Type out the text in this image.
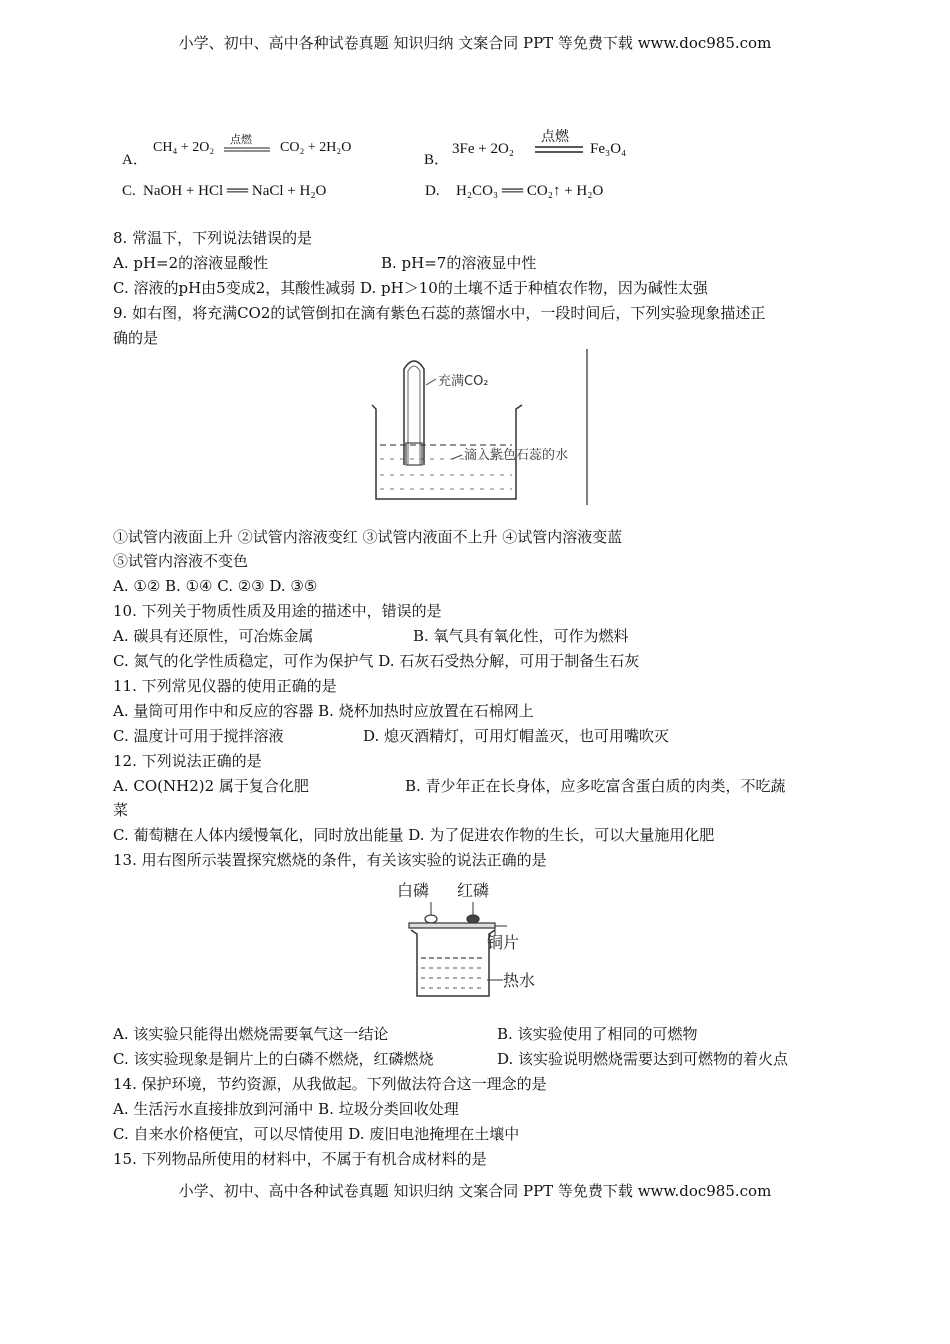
小学、初中、高中各种试卷真题 知识归纳 文案合同 PPT 等免费下载 www.doc985.com
A．
CH₄ + 2O₂
点燃
CO₂ + 2H₂O
B．
3Fe + 2O₂
点燃
Fe₃O₄
C. NaOH + HCl ══ NaCl + H₂O	D. H₂CO₃ ══ CO₂↑ + H₂O
8. 常温下，下列说法错误的是
A. pH=2的溶液显酸性	B. pH=7的溶液显中性
C. 溶液的pH由5变成2，其酸性减弱 D. pH＞10的土壤不适于种植农作物，因为碱性太强
9. 如右图，将充满CO2的试管倒扣在滴有紫色石蕊的蒸馏水中，一段时间后，下列实验现象描述正
确的是
充满CO₂
滴入紫色石蕊的水
①试管内液面上升 ②试管内溶液变红 ③试管内液面不上升 ④试管内溶液变蓝
⑤试管内溶液不变色
A. ①② B. ①④ C. ②③ D. ③⑤
10. 下列关于物质性质及用途的描述中，错误的是
A. 碳具有还原性，可冶炼金属	B. 氧气具有氧化性，可作为燃料
C. 氮气的化学性质稳定，可作为保护气 D. 石灰石受热分解，可用于制备生石灰
11. 下列常见仪器的使用正确的是
A. 量筒可用作中和反应的容器 B. 烧杯加热时应放置在石棉网上
C. 温度计可用于搅拌溶液	D. 熄灭酒精灯，可用灯帽盖灭，也可用嘴吹灭
12. 下列说法正确的是
A. CO(NH2)2 属于复合化肥	B. 青少年正在长身体，应多吃富含蛋白质的肉类，不吃蔬
菜
C. 葡萄糖在人体内缓慢氧化，同时放出能量 D. 为了促进农作物的生长，可以大量施用化肥
13. 用右图所示装置探究燃烧的条件，有关该实验的说法正确的是
白磷 红磷
铜片
热水
A. 该实验只能得出燃烧需要氧气这一结论	B. 该实验使用了相同的可燃物
C. 该实验现象是铜片上的白磷不燃烧，红磷燃烧	D. 该实验说明燃烧需要达到可燃物的着火点
14. 保护环境，节约资源，从我做起。下列做法符合这一理念的是
A. 生活污水直接排放到河涌中 B. 垃圾分类回收处理
C. 自来水价格便宜，可以尽情使用 D. 废旧电池掩埋在土壤中
15. 下列物品所使用的材料中，不属于有机合成材料的是
小学、初中、高中各种试卷真题 知识归纳 文案合同 PPT 等免费下载 www.doc985.com
